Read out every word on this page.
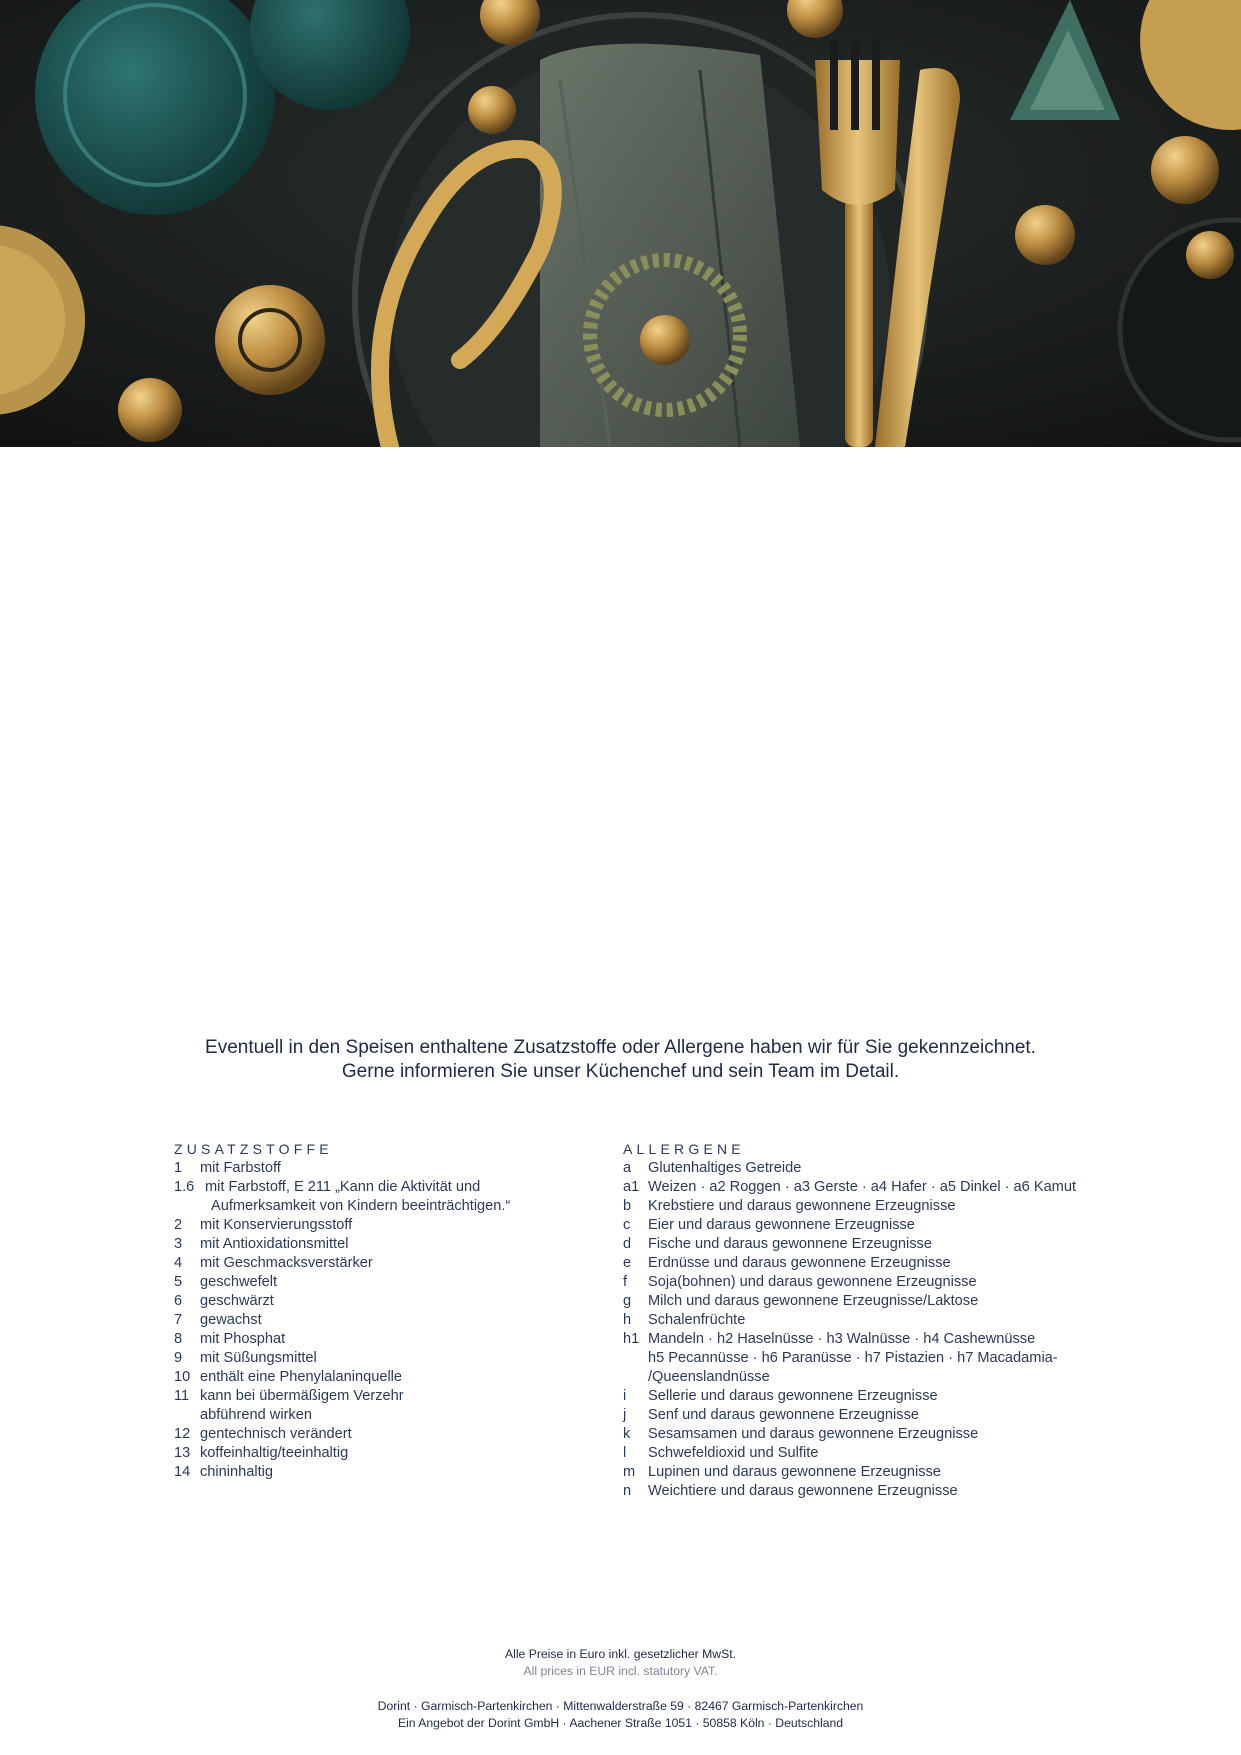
Eventuell in den Speisen enthaltene Zusatzstoffe oder Allergene haben wir für Sie gekennzeichnet.
Gerne informieren Sie unser Küchenchef und sein Team im Detail.
ZUSATZSTOFFE
1	mit Farbstoff
1.6 mit Farbstoff, E 211 „Kann die Aktivität und
Aufmerksamkeit von Kindern beeinträchtigen.“
2	mit Konservierungsstoff
3	mit Antioxidationsmittel
4	mit Geschmacksverstärker
5	geschwefelt
6	geschwärzt
7	gewachst
8	mit Phosphat
9	mit Süßungsmittel
10 enthält eine Phenylalaninquelle
11 kann bei übermäßigem Verzehr
abführend wirken
12 gentechnisch verändert
13 koffeinhaltig/teeinhaltig
14 chininhaltig
ALLERGENE
a	Glutenhaltiges Getreide
a1 Weizen · a2 Roggen · a3 Gerste · a4 Hafer · a5 Dinkel · a6 Kamut
b	Krebstiere und daraus gewonnene Erzeugnisse
c	Eier und daraus gewonnene Erzeugnisse
d	Fische und daraus gewonnene Erzeugnisse
e	Erdnüsse und daraus gewonnene Erzeugnisse
f	Soja(bohnen) und daraus gewonnene Erzeugnisse
g	Milch und daraus gewonnene Erzeugnisse/Laktose
h	Schalenfrüchte
h1 Mandeln · h2 Haselnüsse · h3 Walnüsse · h4 Cashewnüsse
h5 Pecannüsse · h6 Paranüsse · h7 Pistazien · h7 Macadamia-
/Queenslandnüsse
i	Sellerie und daraus gewonnene Erzeugnisse
j	Senf und daraus gewonnene Erzeugnisse
k	Sesamsamen und daraus gewonnene Erzeugnisse
l	Schwefeldioxid und Sulfite
m Lupinen und daraus gewonnene Erzeugnisse
n	Weichtiere und daraus gewonnene Erzeugnisse
Alle Preise in Euro inkl. gesetzlicher MwSt.
All prices in EUR incl. statutory VAT.
Dorint · Garmisch-Partenkirchen · Mittenwalderstraße 59 · 82467 Garmisch-Partenkirchen
Ein Angebot der Dorint GmbH · Aachener Straße 1051 · 50858 Köln · Deutschland
